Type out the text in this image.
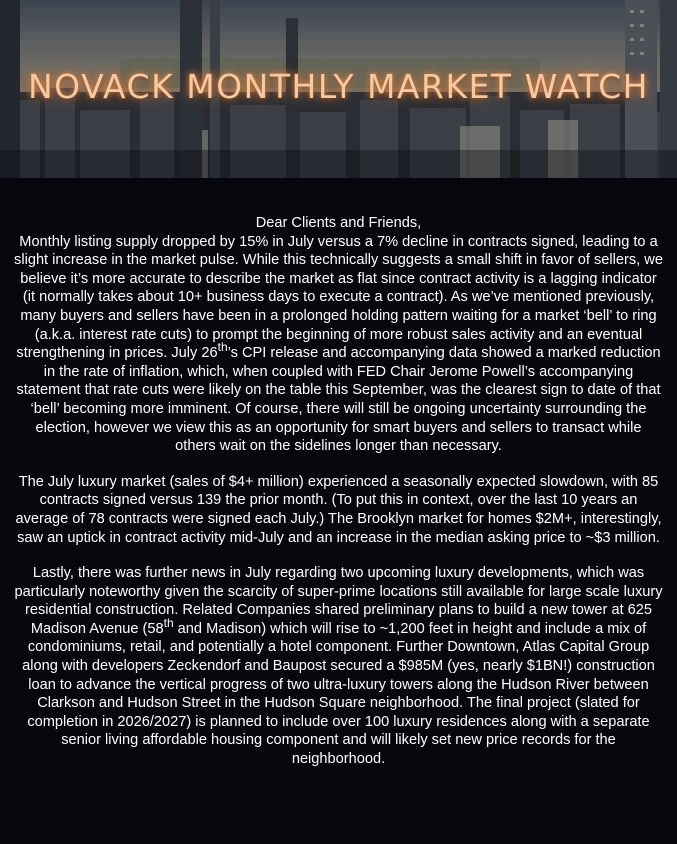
NOVACK MONTHLY MARKET WATCH

Dear Clients and Friends,
Monthly listing supply dropped by 15% in July versus a 7% decline in contracts signed, leading to a slight increase in the market pulse. While this technically suggests a small shift in favor of sellers, we believe it’s more accurate to describe the market as flat since contract activity is a lagging indicator (it normally takes about 10+ business days to execute a contract). As we’ve mentioned previously, many buyers and sellers have been in a prolonged holding pattern waiting for a market ‘bell’ to ring (a.k.a. interest rate cuts) to prompt the beginning of more robust sales activity and an eventual strengthening in prices. July 26th’s CPI release and accompanying data showed a marked reduction in the rate of inflation, which, when coupled with FED Chair Jerome Powell’s accompanying statement that rate cuts were likely on the table this September, was the clearest sign to date of that ‘bell’ becoming more imminent. Of course, there will still be ongoing uncertainty surrounding the election, however we view this as an opportunity for smart buyers and sellers to transact while others wait on the sidelines longer than necessary.

The July luxury market (sales of $4+ million) experienced a seasonally expected slowdown, with 85 contracts signed versus 139 the prior month. (To put this in context, over the last 10 years an average of 78 contracts were signed each July.) The Brooklyn market for homes $2M+, interestingly, saw an uptick in contract activity mid-July and an increase in the median asking price to ~$3 million.

Lastly, there was further news in July regarding two upcoming luxury developments, which was particularly noteworthy given the scarcity of super-prime locations still available for large scale luxury residential construction. Related Companies shared preliminary plans to build a new tower at 625 Madison Avenue (58th and Madison) which will rise to ~1,200 feet in height and include a mix of condominiums, retail, and potentially a hotel component. Further Downtown, Atlas Capital Group along with developers Zeckendorf and Baupost secured a $985M (yes, nearly $1BN!) construction loan to advance the vertical progress of two ultra-luxury towers along the Hudson River between Clarkson and Hudson Street in the Hudson Square neighborhood. The final project (slated for completion in 2026/2027) is planned to include over 100 luxury residences along with a separate senior living affordable housing component and will likely set new price records for the neighborhood.
